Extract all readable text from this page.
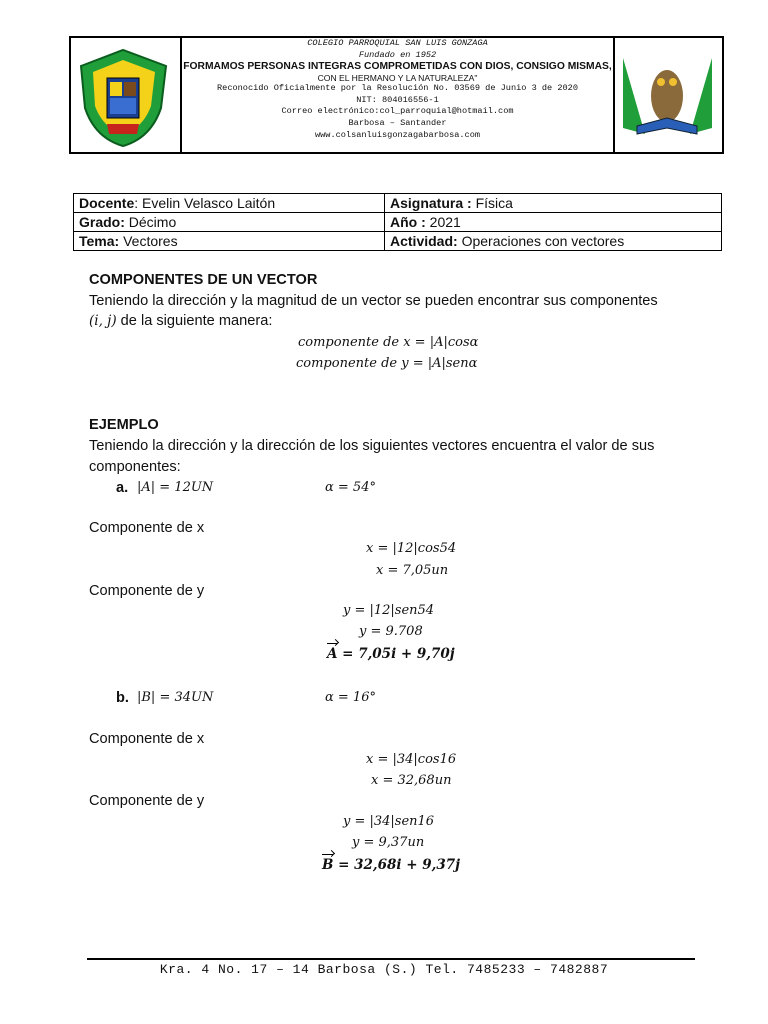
COLEGIO PARROQUIAL SAN LUIS GONZAGA
Fundado en 1952
FORMAMOS PERSONAS INTEGRAS COMPROMETIDAS CON DIOS, CONSIGO MISMAS,
CON EL HERMANO Y LA NATURALEZA"
Reconocido Oficialmente por la Resolución No. 03569 de Junio 3 de 2020
NIT: 804016556-1
Correo electrónico:col_parroquial@hotmail.com
Barbosa – Santander
www.colsanluisgonzagabarbosa.com
Docente: Evelin Velasco Laitón	Asignatura : Física
Grado: Décimo	Año : 2021
Tema: Vectores	Actividad: Operaciones con vectores
COMPONENTES DE UN VECTOR
Teniendo la dirección y la magnitud de un vector se pueden encontrar sus componentes
(i, j) de la siguiente manera:
componente de x = |A|cosα
componente de y = |A|senα
EJEMPLO
Teniendo la dirección y la dirección de los siguientes vectores encuentra el valor de sus
componentes:
a. |A| = 12UN	α = 54°
Componente de x
x = |12|cos54
x = 7,05un
Componente de y
y = |12|sen54
y = 9.708
A = 7,05i + 9,70j
b. |B| = 34UN	α = 16°
Componente de x
x = |34|cos16
x = 32,68un
Componente de y
y = |34|sen16
y = 9,37un
B = 32,68i + 9,37j
Kra. 4 No. 17 – 14 Barbosa (S.) Tel. 7485233 – 7482887
